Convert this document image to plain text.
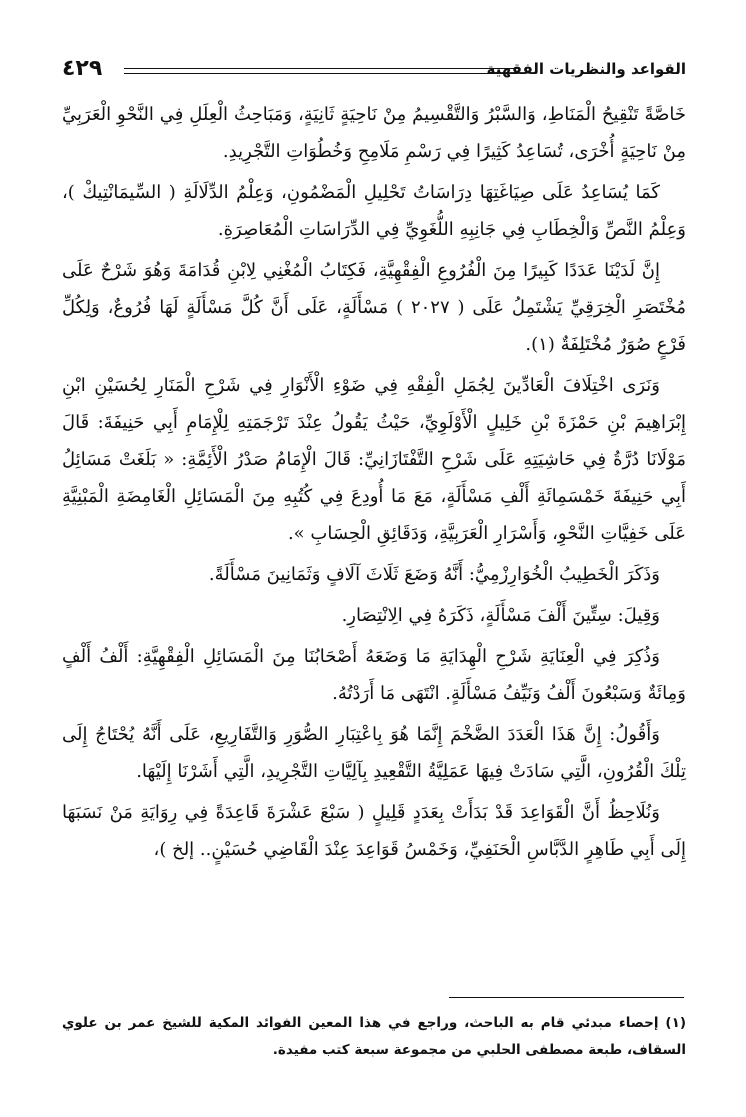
القواعد والنظريات الفقهية
٤٢٩

خَاصَّةً تَنْقِيحُ الْمَنَاطِ، وَالسَّبْرُ وَالتَّقْسِيمُ مِنْ نَاحِيَةٍ ثَانِيَةٍ، وَمَبَاحِثُ الْعِلَلِ فِي النَّحْوِ الْعَرَبِيِّ مِنْ نَاحِيَةٍ أُخْرَى، تُسَاعِدُ كَثِيرًا فِي رَسْمِ مَلَامِحِ وَخُطُوَاتِ التَّجْرِيدِ.

كَمَا يُسَاعِدُ عَلَى صِيَاغَتِهَا دِرَاسَاتُ تَحْلِيلِ الْمَضْمُونِ، وَعِلْمُ الدِّلَالَةِ ( السِّيمَانْتِيكْ )، وَعِلْمُ النَّصِّ وَالْخِطَابِ فِي جَانِبِهِ اللُّغَوِيِّ فِي الدِّرَاسَاتِ الْمُعَاصِرَةِ.

إِنَّ لَدَيْنَا عَدَدًا كَبِيرًا مِنَ الْفُرُوعِ الْفِقْهِيَّةِ، فَكِتَابُ الْمُغْنِي لِابْنِ قُدَامَةَ وَهُوَ شَرْحٌ عَلَى مُخْتَصَرِ الْخِرَقِيِّ يَشْتَمِلُ عَلَى ( ٢٠٢٧ ) مَسْأَلَةٍ، عَلَى أَنَّ كُلَّ مَسْأَلَةٍ لَهَا فُرُوعٌ، وَلِكُلِّ فَرْعٍ صُوَرٌ مُخْتَلِفَةٌ (١).

وَنَرَى اخْتِلَافَ الْعَادِّينَ لِجُمَلِ الْفِقْهِ فِي ضَوْءِ الْأَنْوَارِ فِي شَرْحِ الْمَنَارِ لِحُسَيْنِ ابْنِ إِبْرَاهِيمَ بْنِ حَمْزَةَ بْنِ خَلِيلٍ الْأَوْلَوِيِّ، حَيْثُ يَقُولُ عِنْدَ تَرْجَمَتِهِ لِلْإِمَامِ أَبِي حَنِيفَةَ: قَالَ مَوْلَانَا دُرَّةُ فِي حَاشِيَتِهِ عَلَى شَرْحِ التَّفْتَازَانِيِّ: قَالَ الْإِمَامُ صَدْرُ الْأَئِمَّةِ: « بَلَغَتْ مَسَائِلُ أَبِي حَنِيفَةَ خَمْسَمِائَةِ أَلْفِ مَسْأَلَةٍ، مَعَ مَا أُودِعَ فِي كُتُبِهِ مِنَ الْمَسَائِلِ الْغَامِضَةِ الْمَبْنِيَّةِ عَلَى خَفِيَّاتِ النَّحْوِ، وَأَسْرَارِ الْعَرَبِيَّةِ، وَدَقَائِقِ الْحِسَابِ ».

وَذَكَرَ الْخَطِيبُ الْخُوَارِزْمِيُّ: أَنَّهُ وَضَعَ ثَلَاثَ آلَافٍ وَثَمَانِينَ مَسْأَلَةً.

وَقِيلَ: سِتِّينَ أَلْفَ مَسْأَلَةٍ، ذَكَرَهُ فِي الِانْتِصَارِ.

وَذُكِرَ فِي الْعِنَايَةِ شَرْحِ الْهِدَايَةِ مَا وَضَعَهُ أَصْحَابُنَا مِنَ الْمَسَائِلِ الْفِقْهِيَّةِ: أَلْفُ أَلْفٍ وَمِائَةٌ وَسَبْعُونَ أَلْفُ وَنَيِّفُ مَسْأَلَةٍ. انْتَهَى مَا أَرَدْتُهُ.

وَأَقُولُ: إِنَّ هَذَا الْعَدَدَ الضَّخْمَ إِنَّمَا هُوَ بِاعْتِبَارِ الصُّوَرِ وَالتَّفَارِيعِ، عَلَى أَنَّهُ يُحْتَاجُ إِلَى تِلْكَ الْقُرُونِ، الَّتِي سَادَتْ فِيهَا عَمَلِيَّةُ التَّقْعِيدِ بِآلِيَّاتِ التَّجْرِيدِ، الَّتِي أَشَرْنَا إِلَيْهَا.

وَنُلَاحِظُ أَنَّ الْقَوَاعِدَ قَدْ بَدَأَتْ بِعَدَدٍ قَلِيلٍ ( سَبْعَ عَشْرَةَ قَاعِدَةً فِي رِوَايَةِ مَنْ نَسَبَهَا إِلَى أَبِي طَاهِرٍ الدَّبَّاسِ الْحَنَفِيِّ، وَخَمْسُ قَوَاعِدَ عِنْدَ الْقَاضِي حُسَيْنٍ.. إلخ )،

(١) إحصاء مبدئي قام به الباحث، وراجع في هذا المعين الفوائد المكية للشيخ عمر بن علوي السقاف، طبعة مصطفى الحلبي من مجموعة سبعة كتب مفيدة.
